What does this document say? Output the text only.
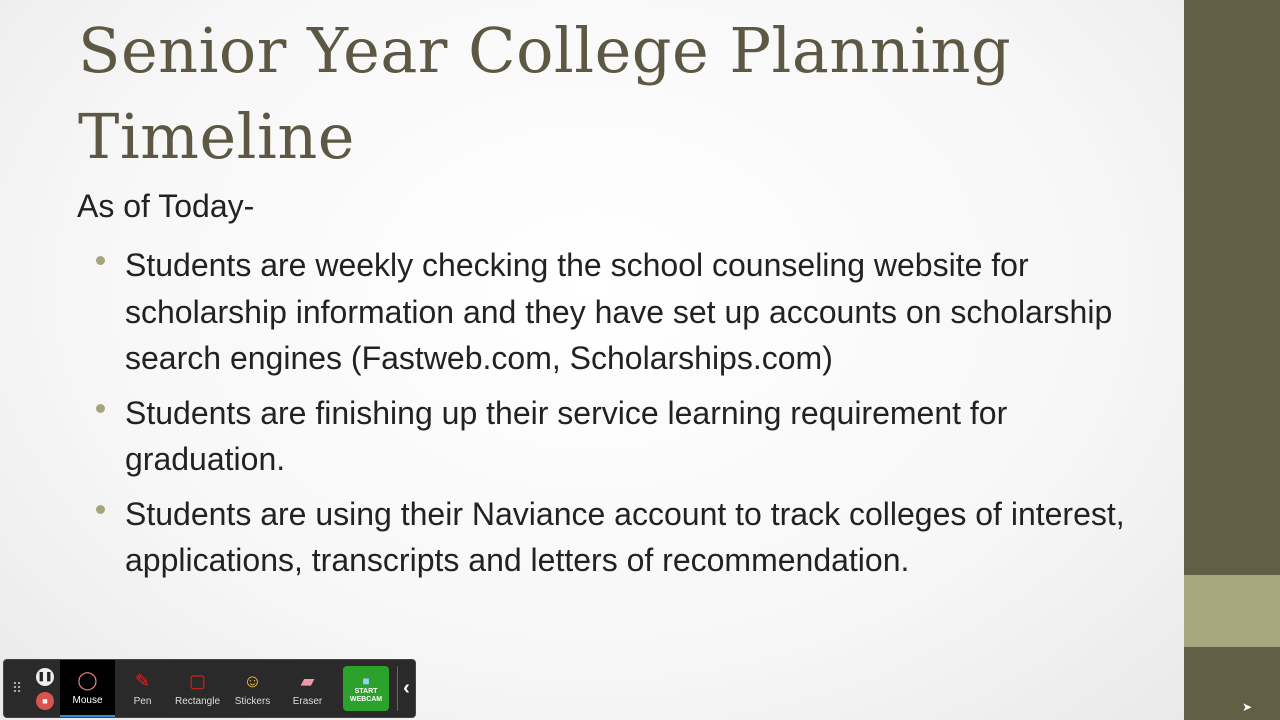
Senior Year College Planning Timeline
As of Today-
Students are weekly checking the school counseling website for scholarship information and they have set up accounts on scholarship search engines (Fastweb.com, Scholarships.com)
Students are finishing up their service learning requirement for graduation.
Students are using their Naviance account to track colleges of interest, applications, transcripts and letters of recommendation.
⠿
❚❚
■
◯
Mouse
✎
Pen
▢
Rectangle
☺
Stickers
▰
Eraser
■
START WEBCAM	‹
➤
